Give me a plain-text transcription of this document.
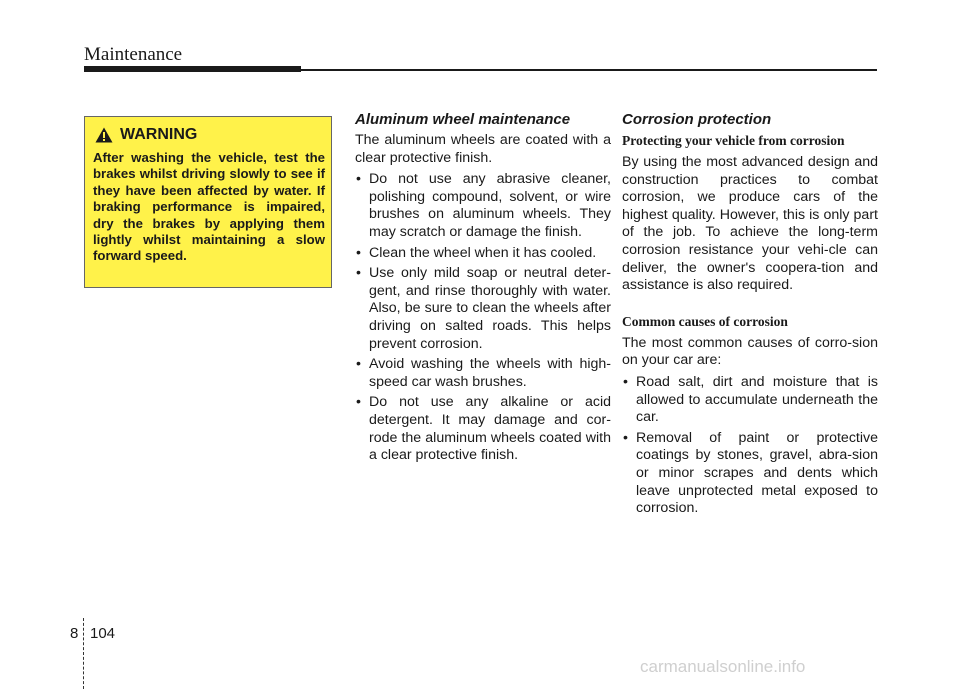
Maintenance
WARNING
After washing the vehicle, test the brakes whilst driving slowly to see if they have been affected by water. If braking performance is impaired, dry the brakes by applying them lightly whilst maintaining a slow forward speed.
Aluminum wheel maintenance

The aluminum wheels are coated with a clear protective finish.

• Do not use any abrasive cleaner, polishing compound, solvent, or wire brushes on aluminum wheels. They may scratch or damage the finish.
• Clean the wheel when it has cooled.
• Use only mild soap or neutral deter-gent, and rinse thoroughly with water. Also, be sure to clean the wheels after driving on salted roads. This helps prevent corrosion.
• Avoid washing the wheels with high-speed car wash brushes.
• Do not use any alkaline or acid detergent. It may damage and cor-rode the aluminum wheels coated with a clear protective finish.
Corrosion protection
Protecting your vehicle from corrosion

By using the most advanced design and construction practices to combat corrosion, we produce cars of the highest quality. However, this is only part of the job. To achieve the long-term corrosion resistance your vehi-cle can deliver, the owner's coopera-tion and assistance is also required.

Common causes of corrosion

The most common causes of corro-sion on your car are:

• Road salt, dirt and moisture that is allowed to accumulate underneath the car.
• Removal of paint or protective coatings by stones, gravel, abra-sion or minor scrapes and dents which leave unprotected metal exposed to corrosion.
8 104
carmanualsonline.info
